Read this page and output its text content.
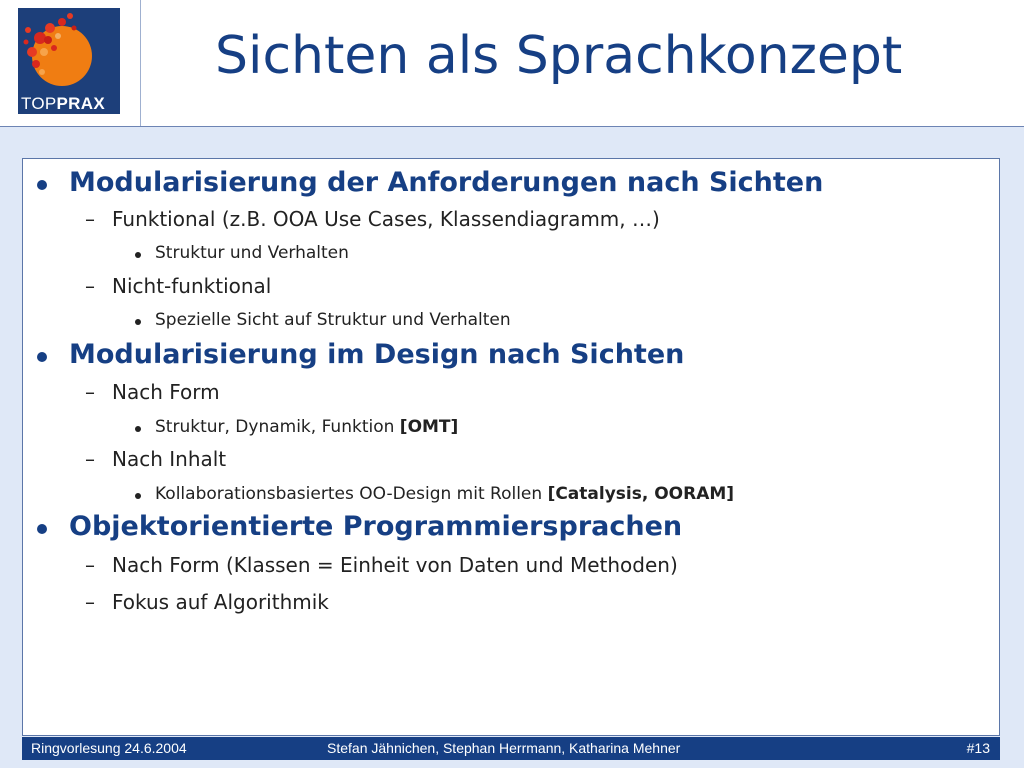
TOPPRAX
Sichten als Sprachkonzept
Modularisierung der Anforderungen nach Sichten
– Funktional (z.B. OOA Use Cases, Klassendiagramm, …)
Struktur und Verhalten
– Nicht-funktional
Spezielle Sicht auf Struktur und Verhalten
Modularisierung im Design nach Sichten
– Nach Form
Struktur, Dynamik, Funktion [OMT]
– Nach Inhalt
Kollaborationsbasiertes OO-Design mit Rollen [Catalysis, OORAM]
Objektorientierte Programmiersprachen
– Nach Form (Klassen = Einheit von Daten und Methoden)
– Fokus auf Algorithmik
Ringvorlesung 24.6.2004	Stefan Jähnichen, Stephan Herrmann, Katharina Mehner	#13
